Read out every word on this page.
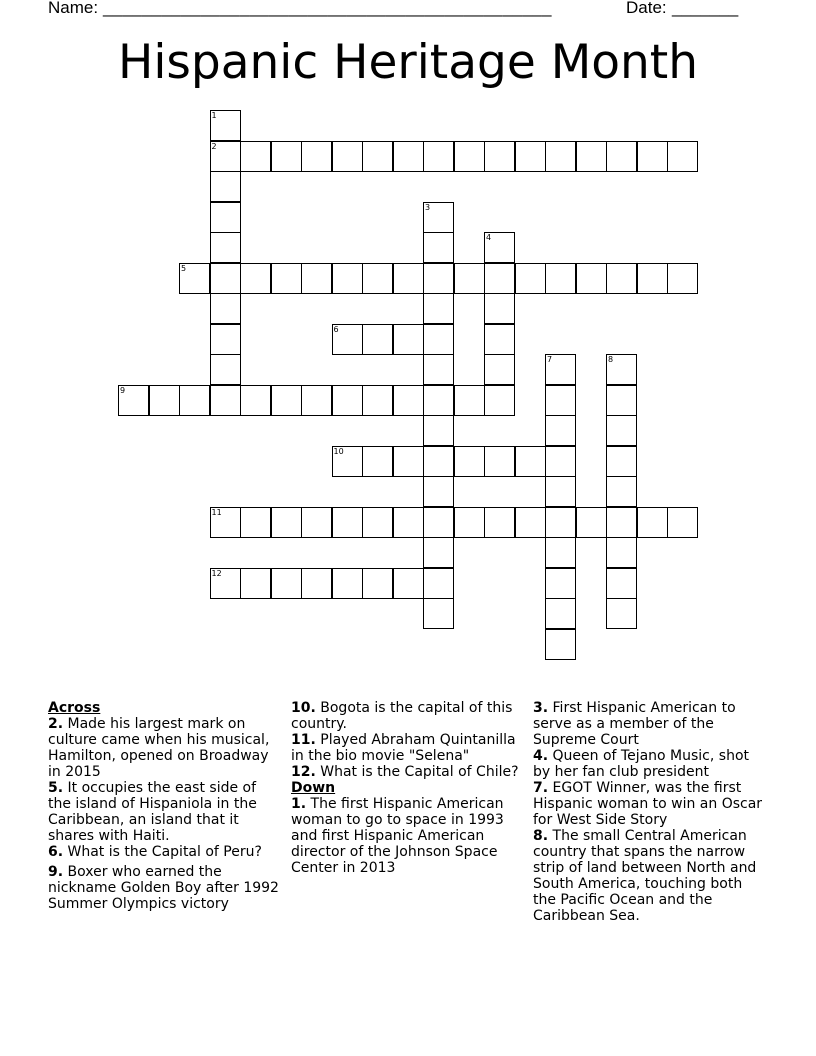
Name: ______________________________________________	Date: _______
Hispanic Heritage Month
2
5
6
9
10
11
12
1
3
4
7	8

Across

2. Made his largest mark on culture came when his musical, Hamilton, opened on Broadway in 2015

5. It occupies the east side of the island of Hispaniola in the Caribbean, an island that it shares with Haiti.

6. What is the Capital of Peru?

9. Boxer who earned the nickname Golden Boy after 1992 Summer Olympics victory

10. Bogota is the capital of this country.

11. Played Abraham Quintanilla in the bio movie "Selena"

12. What is the Capital of Chile?

Down

1. The first Hispanic American woman to go to space in 1993 and first Hispanic American director of the Johnson Space Center in 2013

3. First Hispanic American to serve as a member of the Supreme Court

4. Queen of Tejano Music, shot by her fan club president

7. EGOT Winner, was the first Hispanic woman to win an Oscar for West Side Story

8. The small Central American country that spans the narrow strip of land between North and South America, touching both the Pacific Ocean and the Caribbean Sea.
